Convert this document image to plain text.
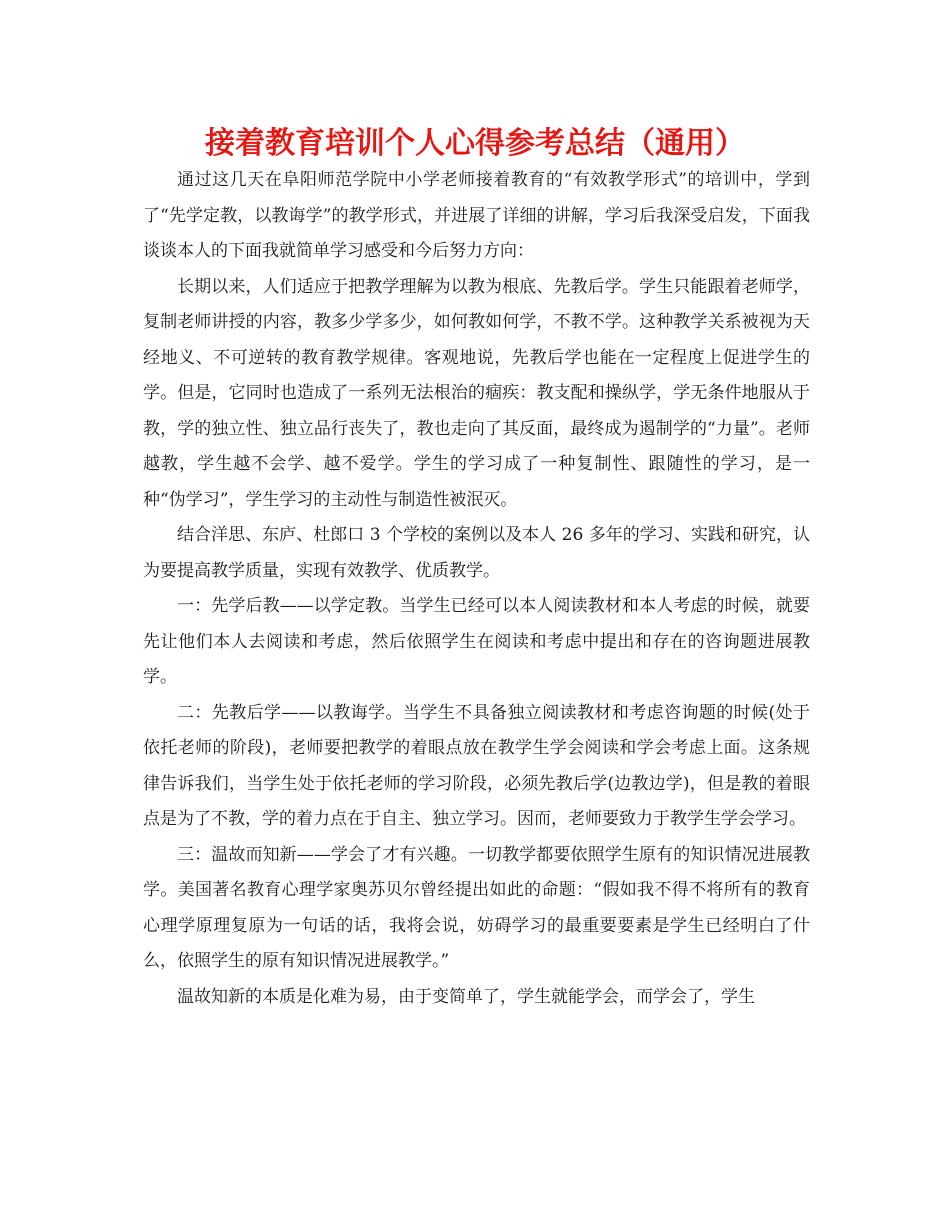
接着教育培训个人心得参考总结（通用）

通过这几天在阜阳师范学院中小学老师接着教育的“有效教学形式”的培训中，学到了“先学定教，以教诲学”的教学形式，并进展了详细的讲解，学习后我深受启发，下面我谈谈本人的下面我就简单学习感受和今后努力方向：

长期以来，人们适应于把教学理解为以教为根底、先教后学。学生只能跟着老师学，复制老师讲授的内容，教多少学多少，如何教如何学，不教不学。这种教学关系被视为天经地义、不可逆转的教育教学规律。客观地说，先教后学也能在一定程度上促进学生的学。但是，它同时也造成了一系列无法根治的痼疾：教支配和操纵学，学无条件地服从于教，学的独立性、独立品行丧失了，教也走向了其反面，最终成为遏制学的“力量”。老师越教，学生越不会学、越不爱学。学生的学习成了一种复制性、跟随性的学习，是一种“伪学习”，学生学习的主动性与制造性被泯灭。

结合洋思、东庐、杜郎口 3 个学校的案例以及本人 26 多年的学习、实践和研究，认为要提高教学质量，实现有效教学、优质教学。

一：先学后教——以学定教。当学生已经可以本人阅读教材和本人考虑的时候，就要先让他们本人去阅读和考虑，然后依照学生在阅读和考虑中提出和存在的咨询题进展教学。

二：先教后学——以教诲学。当学生不具备独立阅读教材和考虑咨询题的时候(处于依托老师的阶段)，老师要把教学的着眼点放在教学生学会阅读和学会考虑上面。这条规律告诉我们，当学生处于依托老师的学习阶段，必须先教后学(边教边学)，但是教的着眼点是为了不教，学的着力点在于自主、独立学习。因而，老师要致力于教学生学会学习。

三：温故而知新——学会了才有兴趣。一切教学都要依照学生原有的知识情况进展教学。美国著名教育心理学家奥苏贝尔曾经提出如此的命题：“假如我不得不将所有的教育心理学原理复原为一句话的话，我将会说，妨碍学习的最重要要素是学生已经明白了什么，依照学生的原有知识情况进展教学。”

温故知新的本质是化难为易，由于变简单了，学生就能学会，而学会了，学生
